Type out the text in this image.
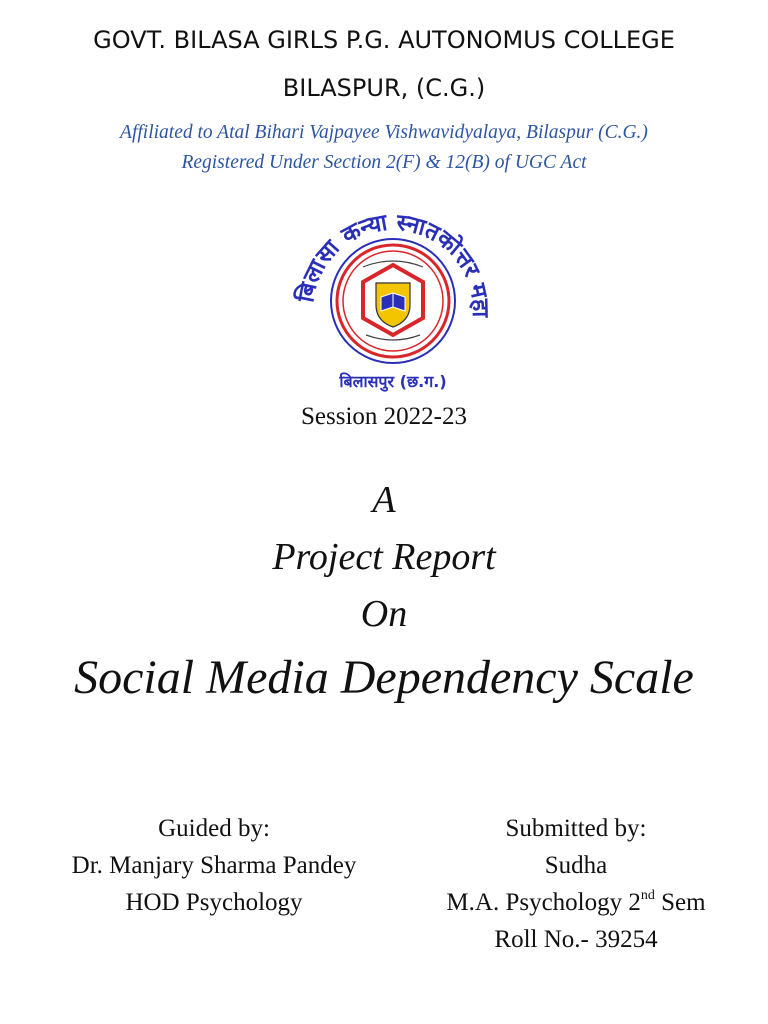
GOVT. BILASA GIRLS P.G. AUTONOMUS COLLEGE
BILASPUR, (C.G.)
Affiliated to Atal Bihari Vajpayee Vishwavidyalaya, Bilaspur (C.G.)
Registered Under Section 2(F) & 12(B) of UGC Act
बिलासा कन्या स्नातकोत्तर महा
बिलासपुर (छ.ग.)
Session 2022-23
A
Project Report
On
Social Media Dependency Scale
Guided by:
Dr. Manjary Sharma Pandey
HOD Psychology
Submitted by:
Sudha
M.A. Psychology 2nd Sem
Roll No.- 39254
